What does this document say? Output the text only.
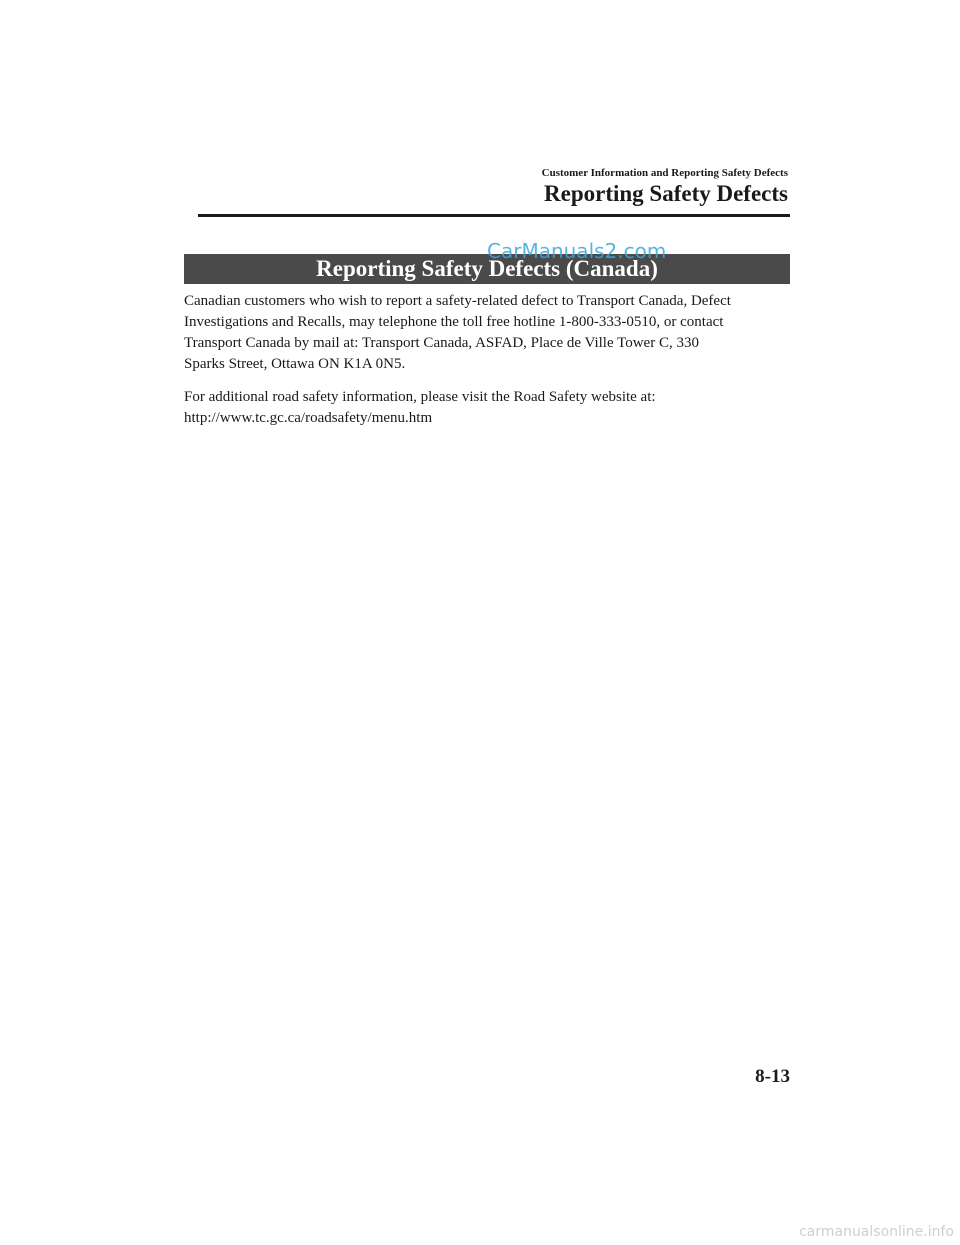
Customer Information and Reporting Safety Defects
Reporting Safety Defects
Reporting Safety Defects (Canada)
CarManuals2.com

Canadian customers who wish to report a safety-related defect to Transport Canada, Defect

Investigations and Recalls, may telephone the toll free hotline 1-800-333-0510, or contact

Transport Canada by mail at: Transport Canada, ASFAD, Place de Ville Tower C, 330

Sparks Street, Ottawa ON K1A 0N5.

For additional road safety information, please visit the Road Safety website at:

http://www.tc.gc.ca/roadsafety/menu.htm

8-13
carmanualsonline.info
